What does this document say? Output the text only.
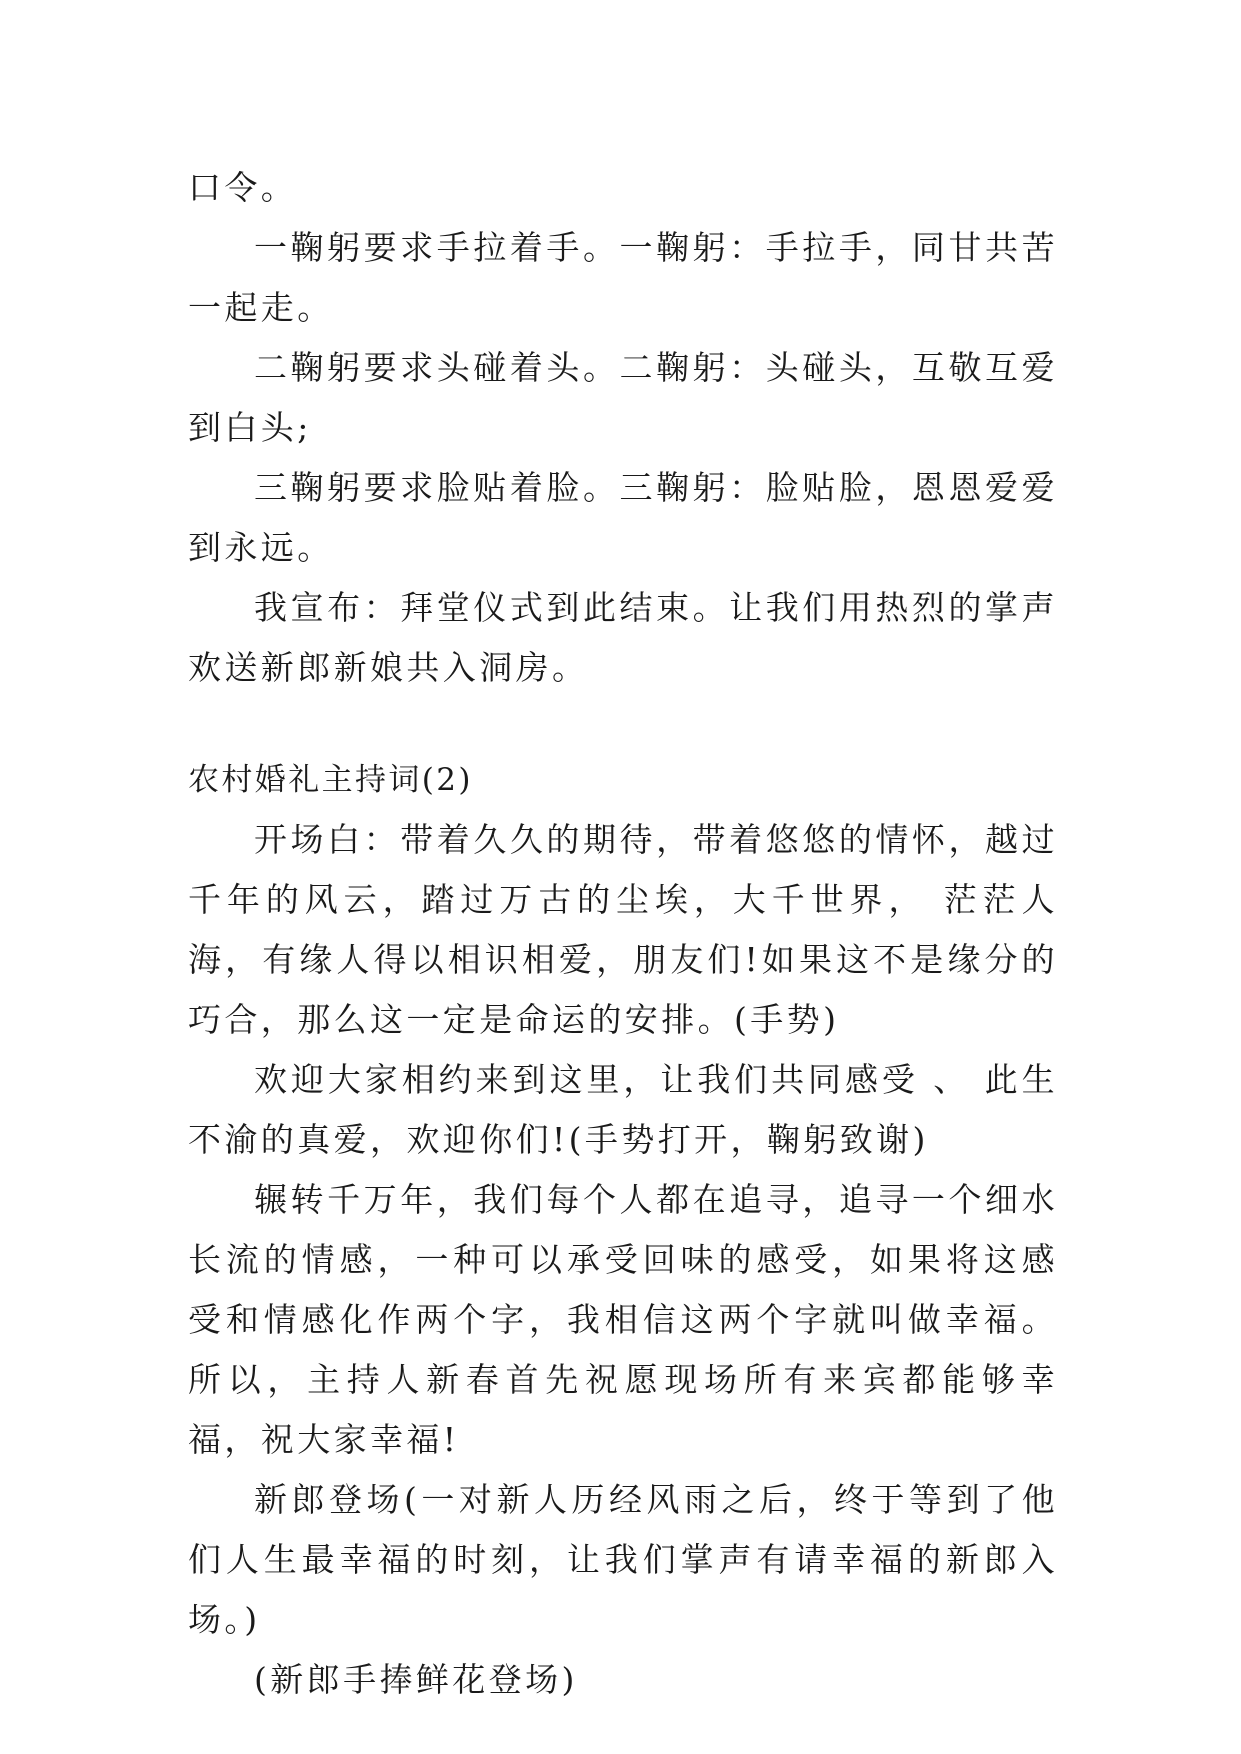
口令。

一鞠躬要求手拉着手。一鞠躬：手拉手，同甘共苦一起走。

二鞠躬要求头碰着头。二鞠躬：头碰头，互敬互爱到白头;

三鞠躬要求脸贴着脸。三鞠躬：脸贴脸，恩恩爱爱到永远。

我宣布：拜堂仪式到此结束。让我们用热烈的掌声欢送新郎新娘共入洞房。

农村婚礼主持词(2)

开场白：带着久久的期待，带着悠悠的情怀，越过千年的风云，踏过万古的尘埃，大千世界， 茫茫人海，有缘人得以相识相爱，朋友们!如果这不是缘分的巧合，那么这一定是命运的安排。(手势)

欢迎大家相约来到这里，让我们共同感受 、 此生不渝的真爱，欢迎你们!(手势打开，鞠躬致谢)

辗转千万年，我们每个人都在追寻，追寻一个细水长流的情感，一种可以承受回味的感受，如果将这感受和情感化作两个字，我相信这两个字就叫做幸福。所以，主持人新春首先祝愿现场所有来宾都能够幸福，祝大家幸福!

新郎登场(一对新人历经风雨之后，终于等到了他们人生最幸福的时刻，让我们掌声有请幸福的新郎入场。)

(新郎手捧鲜花登场)
